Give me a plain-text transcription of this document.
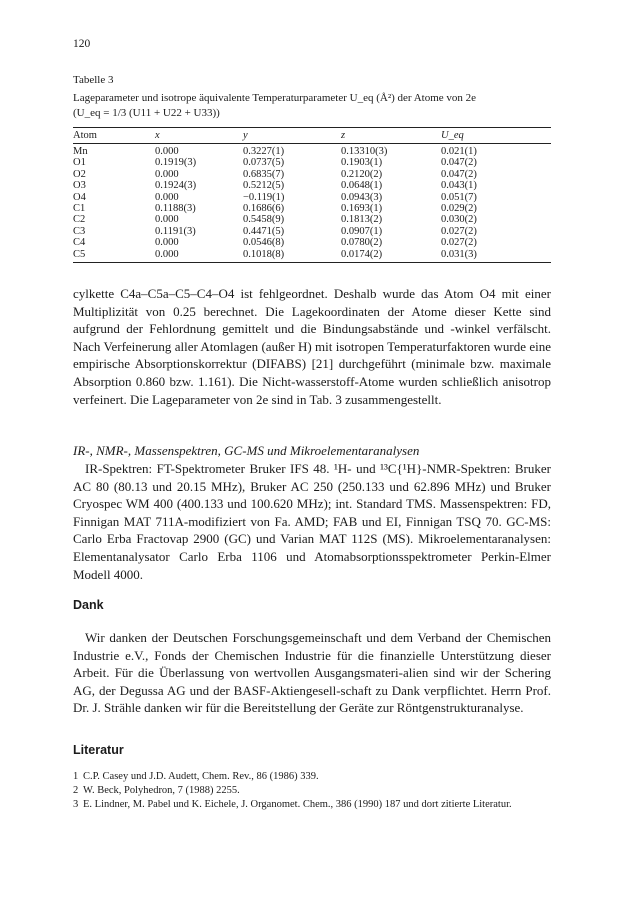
120
Tabelle 3
Lageparameter und isotrope äquivalente Temperaturparameter U_eq (Å²) der Atome von 2e
(U_eq = 1/3 (U11 + U22 + U33))
Atom	x	y	z	U_eq
Mn	0.000	0.3227(1)	0.13310(3)	0.021(1)
O1	0.1919(3)	0.0737(5)	0.1903(1)	0.047(2)
O2	0.000	0.6835(7)	0.2120(2)	0.047(2)
O3	0.1924(3)	0.5212(5)	0.0648(1)	0.043(1)
O4	0.000	−0.119(1)	0.0943(3)	0.051(7)
C1	0.1188(3)	0.1686(6)	0.1693(1)	0.029(2)
C2	0.000	0.5458(9)	0.1813(2)	0.030(2)
C3	0.1191(3)	0.4471(5)	0.0907(1)	0.027(2)
C4	0.000	0.0546(8)	0.0780(2)	0.027(2)
C5	0.000	0.1018(8)	0.0174(2)	0.031(3)

cylkette C4a–C5a–C5–C4–O4 ist fehlgeordnet. Deshalb wurde das Atom O4 mit einer Multiplizität von 0.25 berechnet. Die Lagekoordinaten der Atome dieser Kette sind aufgrund der Fehlordnung gemittelt und die Bindungsabstände und -winkel verfälscht. Nach Verfeinerung aller Atomlagen (außer H) mit isotropen Temperaturfaktoren wurde eine empirische Absorptionskorrektur (DIFABS) [21] durchgeführt (minimale bzw. maximale Absorption 0.860 bzw. 1.161). Die Nicht-wasserstoff-Atome wurden schließlich anisotrop verfeinert. Die Lageparameter von 2e sind in Tab. 3 zusammengestellt.

IR-, NMR-, Massenspektren, GC-MS und Mikroelementaranalysen

IR-Spektren: FT-Spektrometer Bruker IFS 48. ¹H- und ¹³C{¹H}-NMR-Spektren: Bruker AC 80 (80.13 und 20.15 MHz), Bruker AC 250 (250.133 und 62.896 MHz) und Bruker Cryospec WM 400 (400.133 und 100.620 MHz); int. Standard TMS. Massenspektren: FD, Finnigan MAT 711A-modifiziert von Fa. AMD; FAB und EI, Finnigan TSQ 70. GC-MS: Carlo Erba Fractovap 2900 (GC) und Varian MAT 112S (MS). Mikroelementaranalysen: Elementanalysator Carlo Erba 1106 und Atomabsorptionsspektrometer Perkin-Elmer Modell 4000.

Dank

Wir danken der Deutschen Forschungsgemeinschaft und dem Verband der Chemischen Industrie e.V., Fonds der Chemischen Industrie für die finanzielle Unterstützung dieser Arbeit. Für die Überlassung von wertvollen Ausgangsmateri-alien sind wir der Schering AG, der Degussa AG und der BASF-Aktiengesell-schaft zu Dank verpflichtet. Herrn Prof. Dr. J. Strähle danken wir für die Bereitstellung der Geräte zur Röntgenstrukturanalyse.

Literatur
1 C.P. Casey und J.D. Audett, Chem. Rev., 86 (1986) 339.
2 W. Beck, Polyhedron, 7 (1988) 2255.
3 E. Lindner, M. Pabel und K. Eichele, J. Organomet. Chem., 386 (1990) 187 und dort zitierte Literatur.
